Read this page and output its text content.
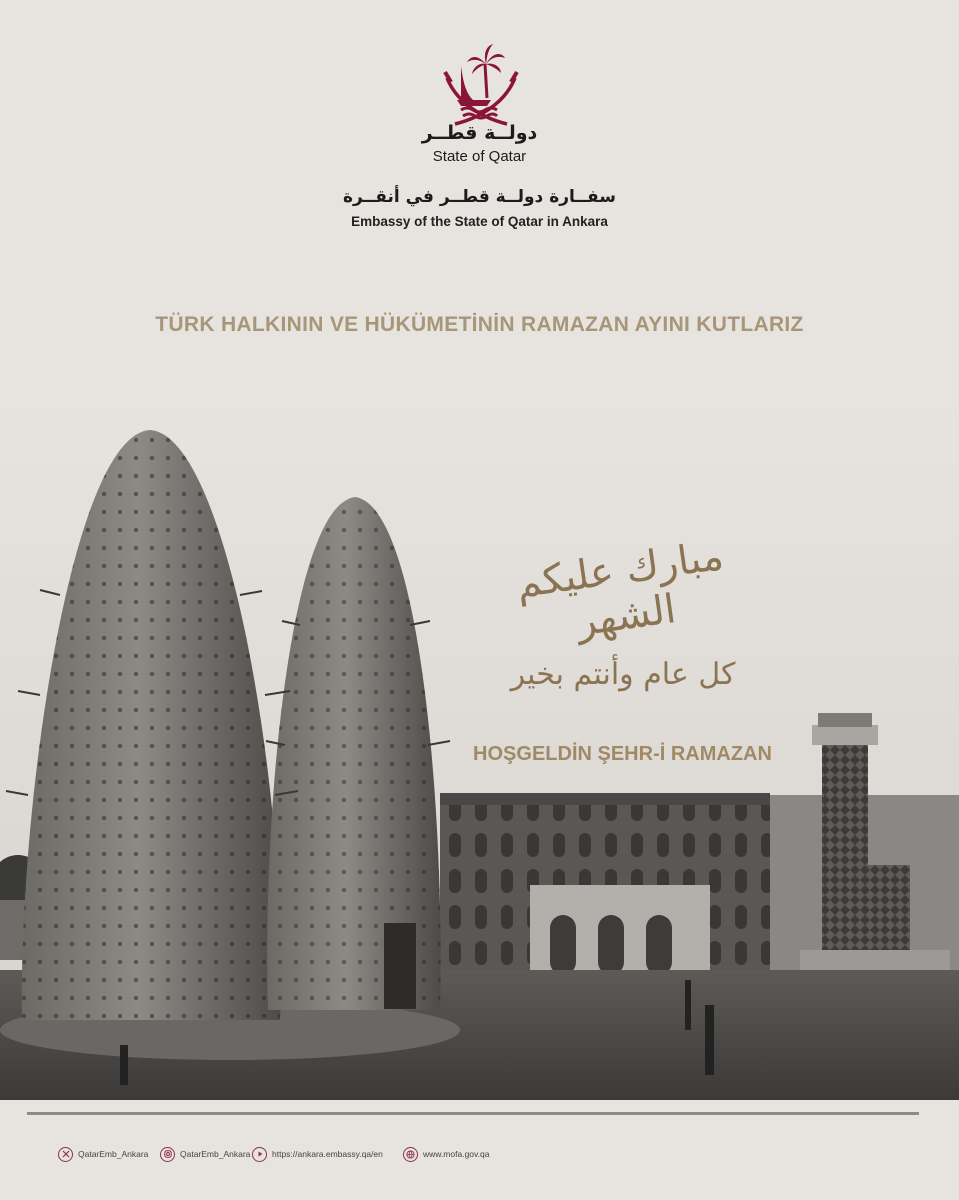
دولــة قطــر
State of Qatar
سفــارة دولــة قطــر في أنقــرة
Embassy of the State of Qatar in Ankara
TÜRK HALKININ VE HÜKÜMETİNİN RAMAZAN AYINI KUTLARIZ
مبارك عليكم الشهر
كل عام وأنتم بخير
HOŞGELDİN ŞEHR-İ RAMAZAN
QatarEmb_Ankara	QatarEmb_Ankara	https://ankara.embassy.qa/en	www.mofa.gov.qa
